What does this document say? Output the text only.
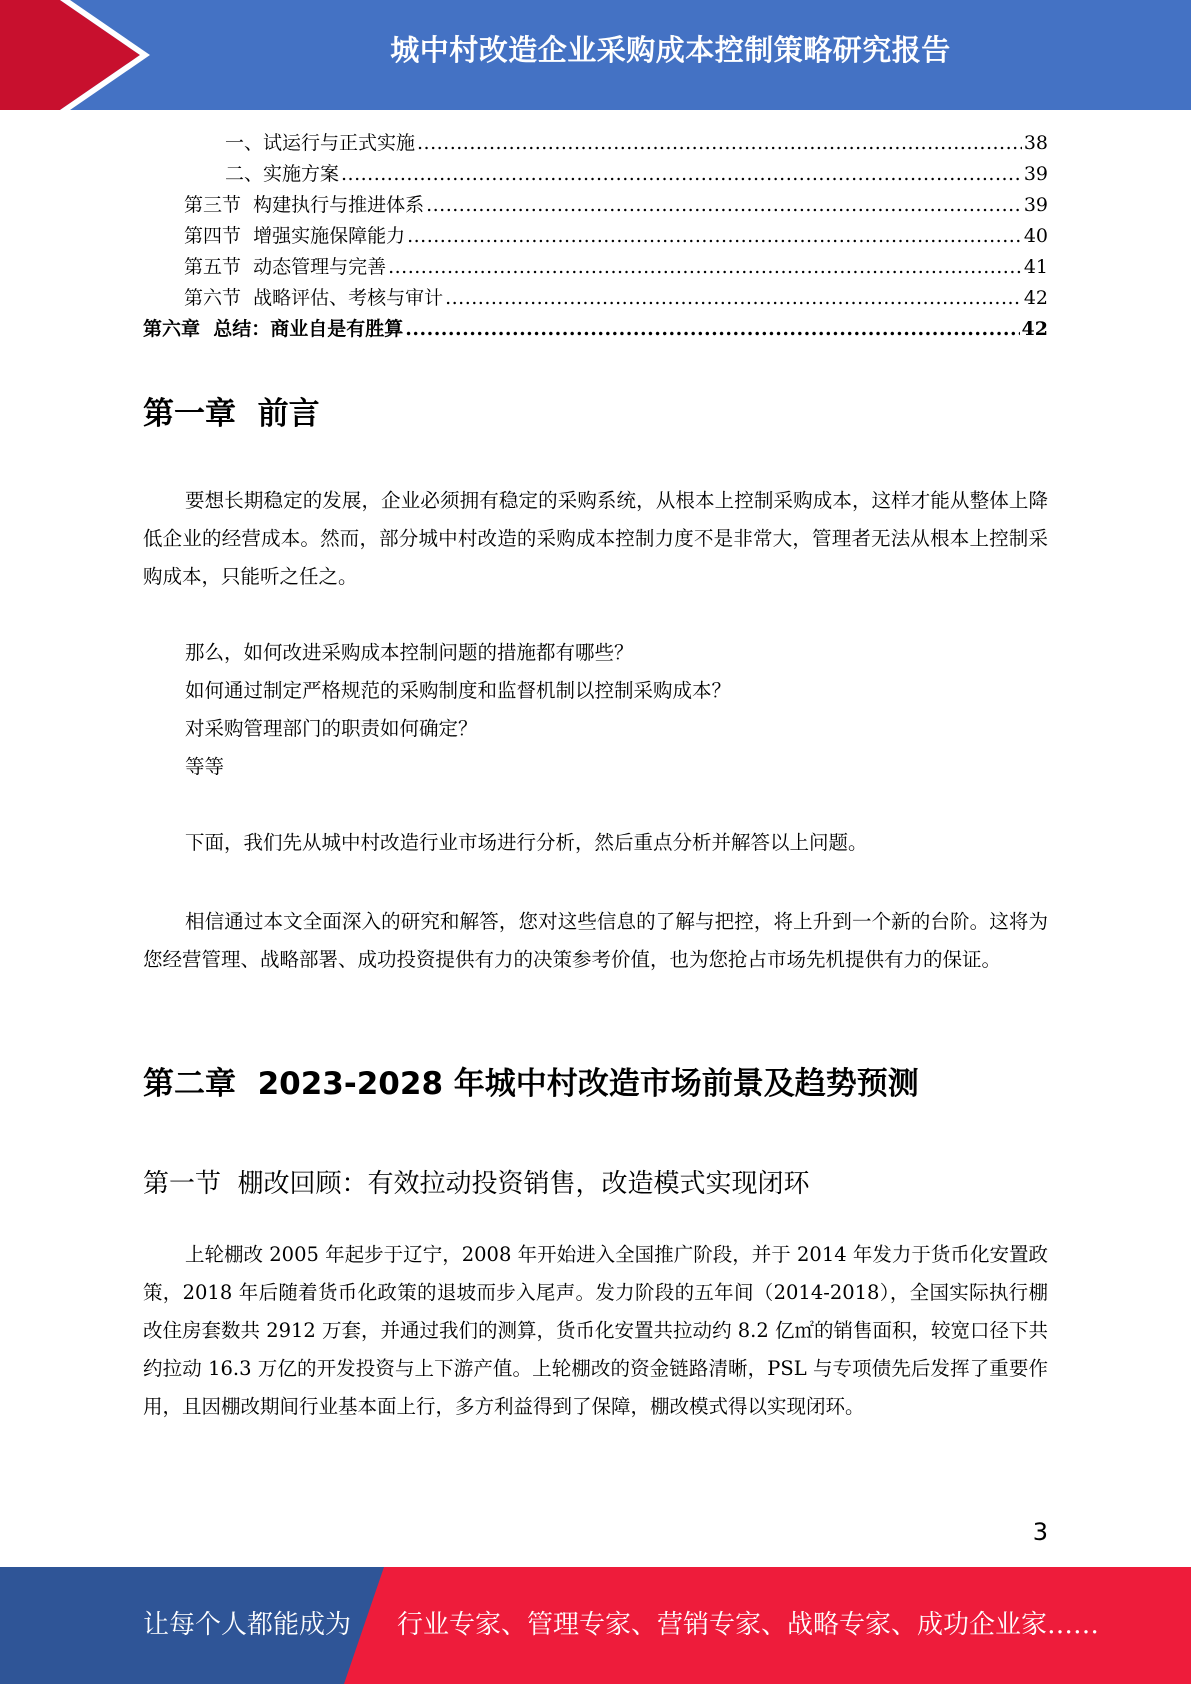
城中村改造企业采购成本控制策略研究报告
一、试运行与正式实施 .....	38
二、实施方案 .....	39
第三节  构建执行与推进体系 .....	39
第四节  增强实施保障能力 .....	40
第五节  动态管理与完善 .....	41
第六节  战略评估、考核与审计 .....	42
第六章  总结：商业自是有胜算 .....	42
第一章  前言
要想长期稳定的发展，企业必须拥有稳定的采购系统，从根本上控制采购成本，这样才能从整体上降低企业的经营成本。然而，部分城中村改造的采购成本控制力度不是非常大，管理者无法从根本上控制采购成本，只能听之任之。
那么，如何改进采购成本控制问题的措施都有哪些？
如何通过制定严格规范的采购制度和监督机制以控制采购成本？
对采购管理部门的职责如何确定？
等等
下面，我们先从城中村改造行业市场进行分析，然后重点分析并解答以上问题。
相信通过本文全面深入的研究和解答，您对这些信息的了解与把控，将上升到一个新的台阶。这将为您经营管理、战略部署、成功投资提供有力的决策参考价值，也为您抢占市场先机提供有力的保证。
第二章  2023-2028 年城中村改造市场前景及趋势预测
第一节  棚改回顾：有效拉动投资销售，改造模式实现闭环
上轮棚改 2005 年起步于辽宁，2008 年开始进入全国推广阶段，并于 2014 年发力于货币化安置政策，2018 年后随着货币化政策的退坡而步入尾声。发力阶段的五年间（2014-2018），全国实际执行棚改住房套数共 2912 万套，并通过我们的测算，货币化安置共拉动约 8.2 亿㎡的销售面积，较宽口径下共约拉动 16.3 万亿的开发投资与上下游产值。上轮棚改的资金链路清晰，PSL 与专项债先后发挥了重要作用，且因棚改期间行业基本面上行，多方利益得到了保障，棚改模式得以实现闭环。
3
让每个人都能成为 行业专家、管理专家、营销专家、战略专家、成功企业家……
